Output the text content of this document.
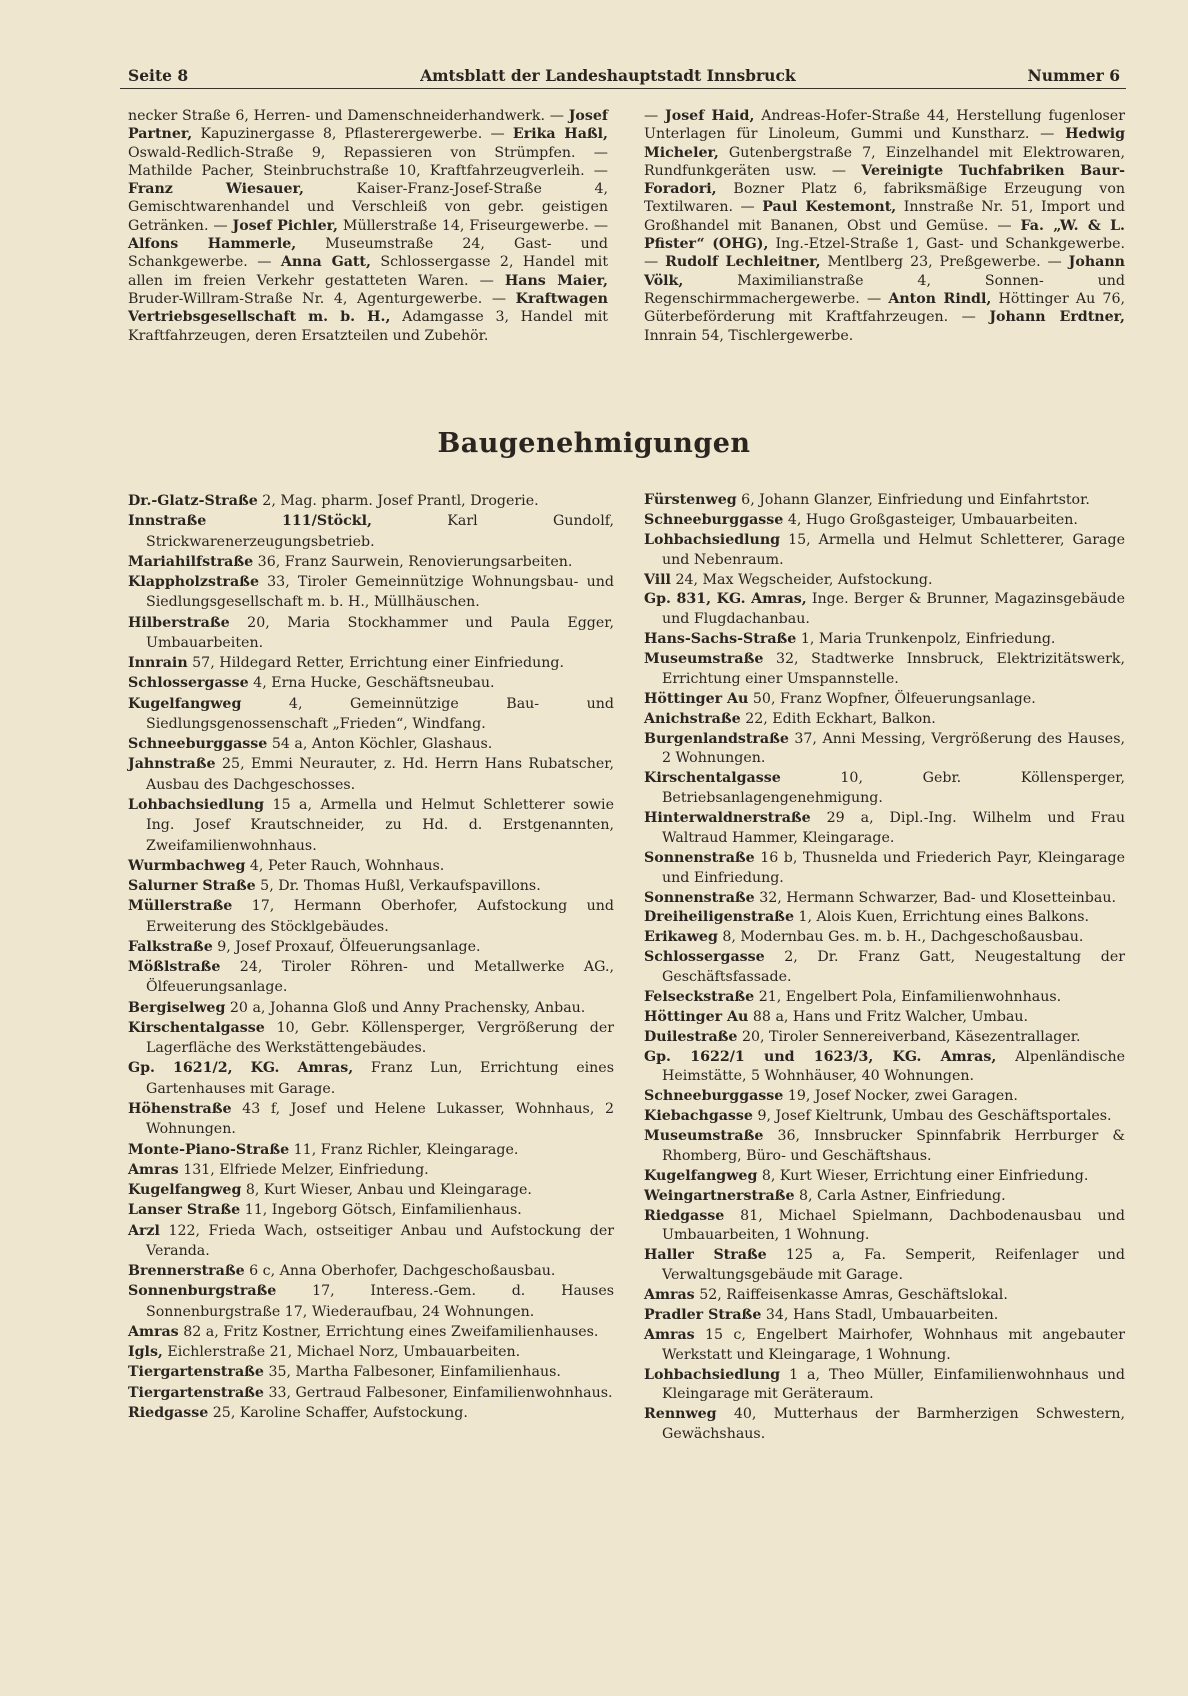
Seite 8	Amtsblatt der Landeshauptstadt Innsbruck	Nummer 6

necker Straße 6, Herren- und Damenschneiderhandwerk. — Josef Partner, Kapuzinergasse 8, Pflasterergewerbe. — Erika Haßl, Oswald-Redlich-Straße 9, Repassieren von Strümpfen. — Mathilde Pacher, Steinbruchstraße 10, Kraftfahrzeugverleih. — Franz Wiesauer, Kaiser-Franz-Josef-Straße 4, Gemischtwarenhandel und Verschleiß von gebr. geistigen Getränken. — Josef Pichler, Müllerstraße 14, Friseurgewerbe. — Alfons Hammerle, Museumstraße 24, Gast- und Schankgewerbe. — Anna Gatt, Schlossergasse 2, Handel mit allen im freien Verkehr gestatteten Waren. — Hans Maier, Bruder-Willram-Straße Nr. 4, Agenturgewerbe. — Kraftwagen Vertriebsgesellschaft m. b. H., Adamgasse 3, Handel mit Kraftfahrzeugen, deren Ersatzteilen und Zubehör.

— Josef Haid, Andreas-Hofer-Straße 44, Herstellung fugenloser Unterlagen für Linoleum, Gummi und Kunstharz. — Hedwig Micheler, Gutenbergstraße 7, Einzelhandel mit Elektrowaren, Rundfunkgeräten usw. — Vereinigte Tuchfabriken Baur-Foradori, Bozner Platz 6, fabriksmäßige Erzeugung von Textilwaren. — Paul Kestemont, Innstraße Nr. 51, Import und Großhandel mit Bananen, Obst und Gemüse. — Fa. „W. & L. Pfister“ (OHG), Ing.-Etzel-Straße 1, Gast- und Schankgewerbe. — Rudolf Lechleitner, Mentlberg 23, Preßgewerbe. — Johann Völk, Maximilianstraße 4, Sonnen- und Regenschirmmachergewerbe. — Anton Rindl, Höttinger Au 76, Güterbeförderung mit Kraftfahrzeugen. — Johann Erdtner, Innrain 54, Tischlergewerbe.

Baugenehmigungen
Dr.-Glatz-Straße 2, Mag. pharm. Josef Prantl, Drogerie.
Innstraße 111/Stöckl, Karl Gundolf, Strickwarenerzeugungsbetrieb.
Mariahilfstraße 36, Franz Saurwein, Renovierungsarbeiten.
Klappholzstraße 33, Tiroler Gemeinnützige Wohnungsbau- und Siedlungsgesellschaft m. b. H., Müllhäuschen.
Hilberstraße 20, Maria Stockhammer und Paula Egger, Umbauarbeiten.
Innrain 57, Hildegard Retter, Errichtung einer Einfriedung.
Schlossergasse 4, Erna Hucke, Geschäftsneubau.
Kugelfangweg 4, Gemeinnützige Bau- und Siedlungsgenossenschaft „Frieden“, Windfang.
Schneeburggasse 54 a, Anton Köchler, Glashaus.
Jahnstraße 25, Emmi Neurauter, z. Hd. Herrn Hans Rubatscher, Ausbau des Dachgeschosses.
Lohbachsiedlung 15 a, Armella und Helmut Schletterer sowie Ing. Josef Krautschneider, zu Hd. d. Erstgenannten, Zweifamilienwohnhaus.
Wurmbachweg 4, Peter Rauch, Wohnhaus.
Salurner Straße 5, Dr. Thomas Hußl, Verkaufspavillons.
Müllerstraße 17, Hermann Oberhofer, Aufstockung und Erweiterung des Stöcklgebäudes.
Falkstraße 9, Josef Proxauf, Ölfeuerungsanlage.
Mößlstraße 24, Tiroler Röhren- und Metallwerke AG., Ölfeuerungsanlage.
Bergiselweg 20 a, Johanna Gloß und Anny Prachensky, Anbau.
Kirschentalgasse 10, Gebr. Köllensperger, Vergrößerung der Lagerfläche des Werkstättengebäudes.
Gp. 1621/2, KG. Amras, Franz Lun, Errichtung eines Gartenhauses mit Garage.
Höhenstraße 43 f, Josef und Helene Lukasser, Wohnhaus, 2 Wohnungen.
Monte-Piano-Straße 11, Franz Richler, Kleingarage.
Amras 131, Elfriede Melzer, Einfriedung.
Kugelfangweg 8, Kurt Wieser, Anbau und Kleingarage.
Lanser Straße 11, Ingeborg Götsch, Einfamilienhaus.
Arzl 122, Frieda Wach, ostseitiger Anbau und Aufstockung der Veranda.
Brennerstraße 6 c, Anna Oberhofer, Dachgeschoßausbau.
Sonnenburgstraße 17, Interess.-Gem. d. Hauses Sonnenburgstraße 17, Wiederaufbau, 24 Wohnungen.
Amras 82 a, Fritz Kostner, Errichtung eines Zweifamilienhauses.
Igls, Eichlerstraße 21, Michael Norz, Umbauarbeiten.
Tiergartenstraße 35, Martha Falbesoner, Einfamilienhaus.
Tiergartenstraße 33, Gertraud Falbesoner, Einfamilienwohnhaus.
Riedgasse 25, Karoline Schaffer, Aufstockung.
Fürstenweg 6, Johann Glanzer, Einfriedung und Einfahrtstor.
Schneeburggasse 4, Hugo Großgasteiger, Umbauarbeiten.
Lohbachsiedlung 15, Armella und Helmut Schletterer, Garage und Nebenraum.
Vill 24, Max Wegscheider, Aufstockung.
Gp. 831, KG. Amras, Inge. Berger & Brunner, Magazinsgebäude und Flugdachanbau.
Hans-Sachs-Straße 1, Maria Trunkenpolz, Einfriedung.
Museumstraße 32, Stadtwerke Innsbruck, Elektrizitätswerk, Errichtung einer Umspannstelle.
Höttinger Au 50, Franz Wopfner, Ölfeuerungsanlage.
Anichstraße 22, Edith Eckhart, Balkon.
Burgenlandstraße 37, Anni Messing, Vergrößerung des Hauses, 2 Wohnungen.
Kirschentalgasse 10, Gebr. Köllensperger, Betriebsanlagengenehmigung.
Hinterwaldnerstraße 29 a, Dipl.-Ing. Wilhelm und Frau Waltraud Hammer, Kleingarage.
Sonnenstraße 16 b, Thusnelda und Friederich Payr, Kleingarage und Einfriedung.
Sonnenstraße 32, Hermann Schwarzer, Bad- und Klosetteinbau.
Dreiheiligenstraße 1, Alois Kuen, Errichtung eines Balkons.
Erikaweg 8, Modernbau Ges. m. b. H., Dachgeschoßausbau.
Schlossergasse 2, Dr. Franz Gatt, Neugestaltung der Geschäftsfassade.
Felseckstraße 21, Engelbert Pola, Einfamilienwohnhaus.
Höttinger Au 88 a, Hans und Fritz Walcher, Umbau.
Duilestraße 20, Tiroler Sennereiverband, Käsezentrallager.
Gp. 1622/1 und 1623/3, KG. Amras, Alpenländische Heimstätte, 5 Wohnhäuser, 40 Wohnungen.
Schneeburggasse 19, Josef Nocker, zwei Garagen.
Kiebachgasse 9, Josef Kieltrunk, Umbau des Geschäftsportales.
Museumstraße 36, Innsbrucker Spinnfabrik Herrburger & Rhomberg, Büro- und Geschäftshaus.
Kugelfangweg 8, Kurt Wieser, Errichtung einer Einfriedung.
Weingartnerstraße 8, Carla Astner, Einfriedung.
Riedgasse 81, Michael Spielmann, Dachbodenausbau und Umbauarbeiten, 1 Wohnung.
Haller Straße 125 a, Fa. Semperit, Reifenlager und Verwaltungsgebäude mit Garage.
Amras 52, Raiffeisenkasse Amras, Geschäftslokal.
Pradler Straße 34, Hans Stadl, Umbauarbeiten.
Amras 15 c, Engelbert Mairhofer, Wohnhaus mit angebauter Werkstatt und Kleingarage, 1 Wohnung.
Lohbachsiedlung 1 a, Theo Müller, Einfamilienwohnhaus und Kleingarage mit Geräteraum.
Rennweg 40, Mutterhaus der Barmherzigen Schwestern, Gewächshaus.
